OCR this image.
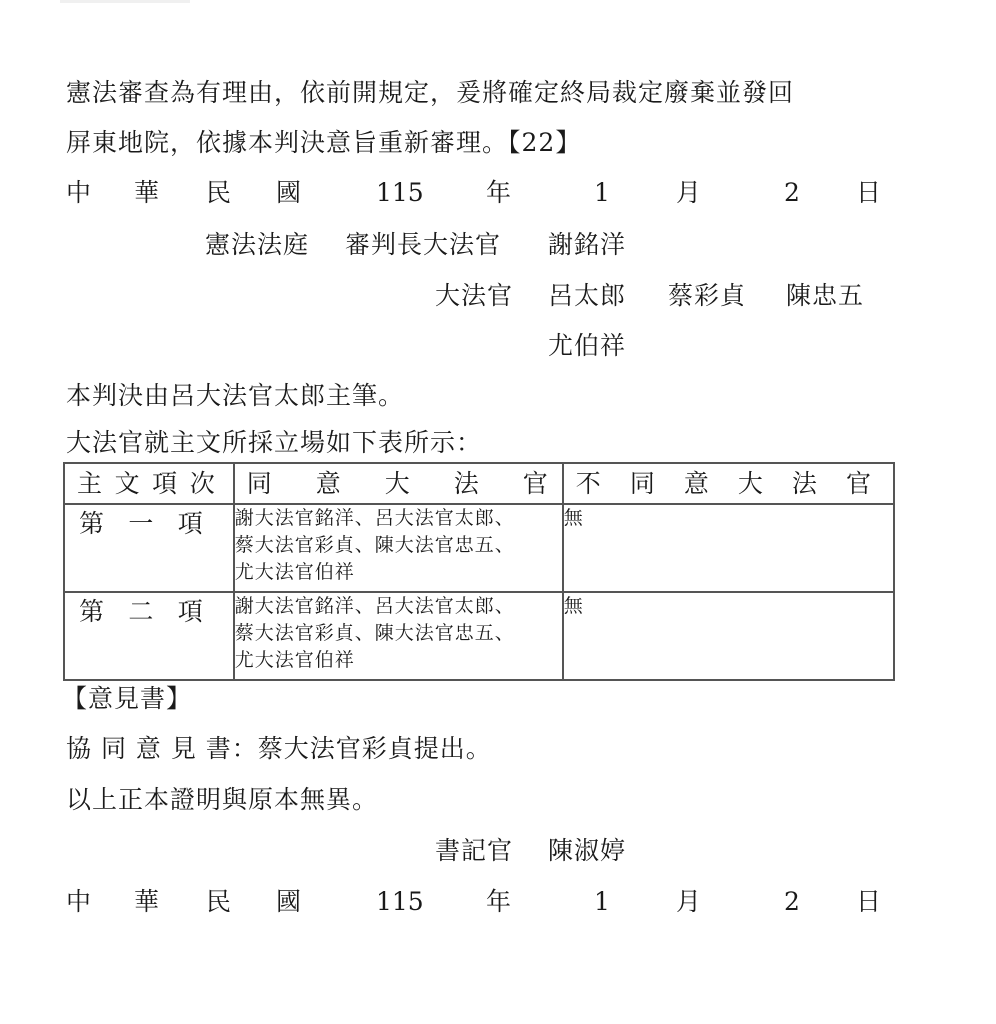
憲法審查為有理由，依前開規定，爰將確定終局裁定廢棄並發回
屏東地院，依據本判決意旨重新審理。【22】
中 華 民 國	115 年	1	月	2 日
憲法法庭 審判長大法官 謝銘洋
大法官 呂太郎 蔡彩貞 陳忠五
尤伯祥
本判決由呂大法官太郎主筆。
大法官就主文所採立場如下表所示：
主 文 項 次	同 意 大 法 官	不 同 意 大 法 官

第 一 項	謝大法官銘洋、呂大法官太郎、
蔡大法官彩貞、陳大法官忠五、
尤大法官伯祥
	無

第 二 項	謝大法官銘洋、呂大法官太郎、
蔡大法官彩貞、陳大法官忠五、
尤大法官伯祥
	無
【意見書】
協 同 意 見 書：蔡大法官彩貞提出。
以上正本證明與原本無異。
書記官 陳淑婷
中 華 民 國	115 年	1	月	2 日
